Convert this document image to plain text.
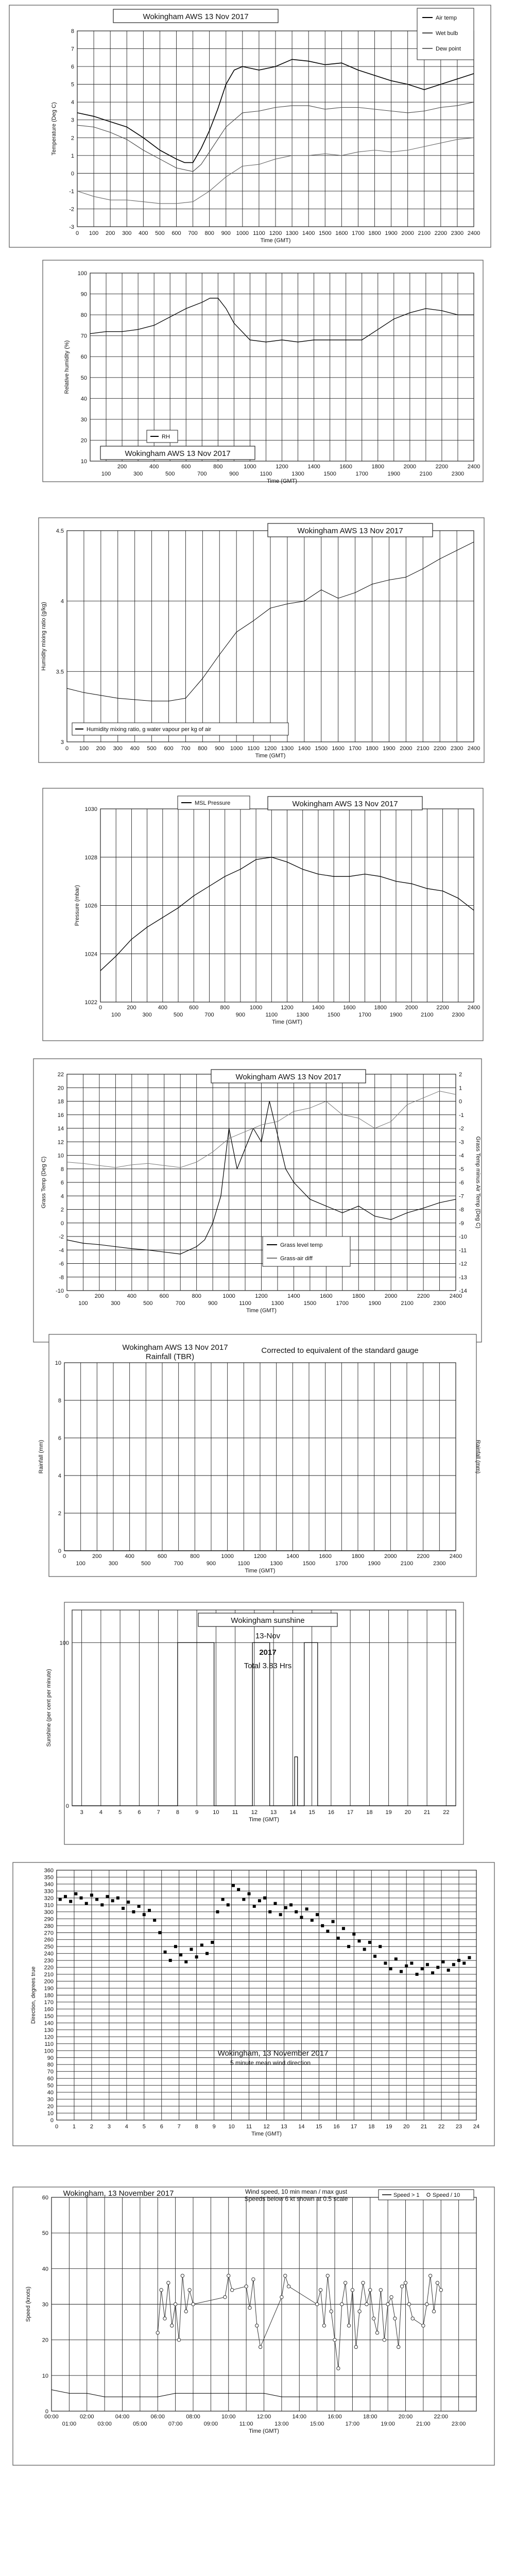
-3
-2
-1
0
1
2
3
4
5
6
7
8
0 100 200 300 400 500 600 700 800 900 1000 1100 1200 1300 1400 1500 1600 1700 1800 1900 2000 2100 2200 2300 2400
Time (GMT)
Temperature (Deg C)
Wokingham AWS 13 Nov 2017	Air temp
Wet bulb
Dew point
10
20
30
40
50
60
70
80
90
100
200	400	600	800	1000	1200	1400	1600	1800	2000	2200	2400
100	300	500	700	900	1100	1300	1500	1700	1900	2100	2300
Time (GMT)
Relative humidity (%)
Wokingham AWS 13 Nov 2017
RH
3
3.5
4
4.5
0 100 200 300 400 500 600 700 800 900 1000 1100 1200 1300 1400 1500 1600 1700 1800 1900 2000 2100 2200 2300 2400
Time (GMT)
Humidity mixing ratio (g/kg)
Wokingham AWS 13 Nov 2017
Humidity mixing ratio, g water vapour per kg of air
1022
1024
1026
1028
1030
0	200	400	600	800	1000	1200	1400	1600	1800	2000	2200	2400
100	300	500	700	900	1100	1300	1500	1700	1900	2100	2300
Time (GMT)
Pressure (mbar)
Wokingham AWS 13 Nov 2017
MSL Pressure
-10
-8
-6
-4
-2
0
2
4
6
8
10
12
14
16
18
20
22
-14
-13
-12
-11
-10
-9
-8
-7
-6
-5
-4
-3
-2
-1
0
1
2
0	200	400	600	800	1000	1200	1400	1600	1800	2000	2200	2400
100	300	500	700	900	1100	1300	1500	1700	1900	2100	2300
Time (GMT)
Grass Temp (Deg C)	Grass Temp minus Air Temp (Deg C)
Wokingham AWS 13 Nov 2017
Grass level temp
Grass-air diff
0
2
4
6
8
10
0	200	400	600	800	1000	1200	1400	1600	1800	2000	2200	2400
100	300	500	700	900	1100	1300	1500	1700	1900	2100	2300
Time (GMT)
Rainfall (mm)	Rainfall (mm)
Wokingham AWS 13 Nov 2017
Rainfall (TBR)
Corrected to equivalent of the standard gauge
0
100
3	4	5	6	7	8	9	10 11 12 13 14 15 16 17 18 19 20 21 22
Time (GMT)
Sunshine (per cent per minute)
Wokingham sunshine
13-Nov
2017
Total 3.83 Hrs
0
10
20
30
40
50
60
70
80
90
100
110
120
130
140
150
160
170
180
190
200
210
220
230
240
250
260
270
280
290
300
310
320
330
340
350
360
0	1	2	3	4	5	6	7	8	9 10 11 12 13 14 15 16 17 18 19 20 21 22 23 24
Time (GMT)
Direction, degrees true
Wokingham, 13 November 2017
5 minute mean wind direction
0
10
20
30
40
50
60
00:00	02:00	04:00	06:00	08:00	10:00	12:00	14:00	16:00	18:00	20:00	22:00
01:00	03:00	05:00	07:00	09:00	11:00	13:00	15:00	17:00	19:00	21:00	23:00
Time (GMT)
Speed (knots)
Wokingham, 13 November 2017	Wind speed, 10 min mean / max gust
Speeds below 6 kt shown at 0.5 scale	Speed > 1 Speed / 10
